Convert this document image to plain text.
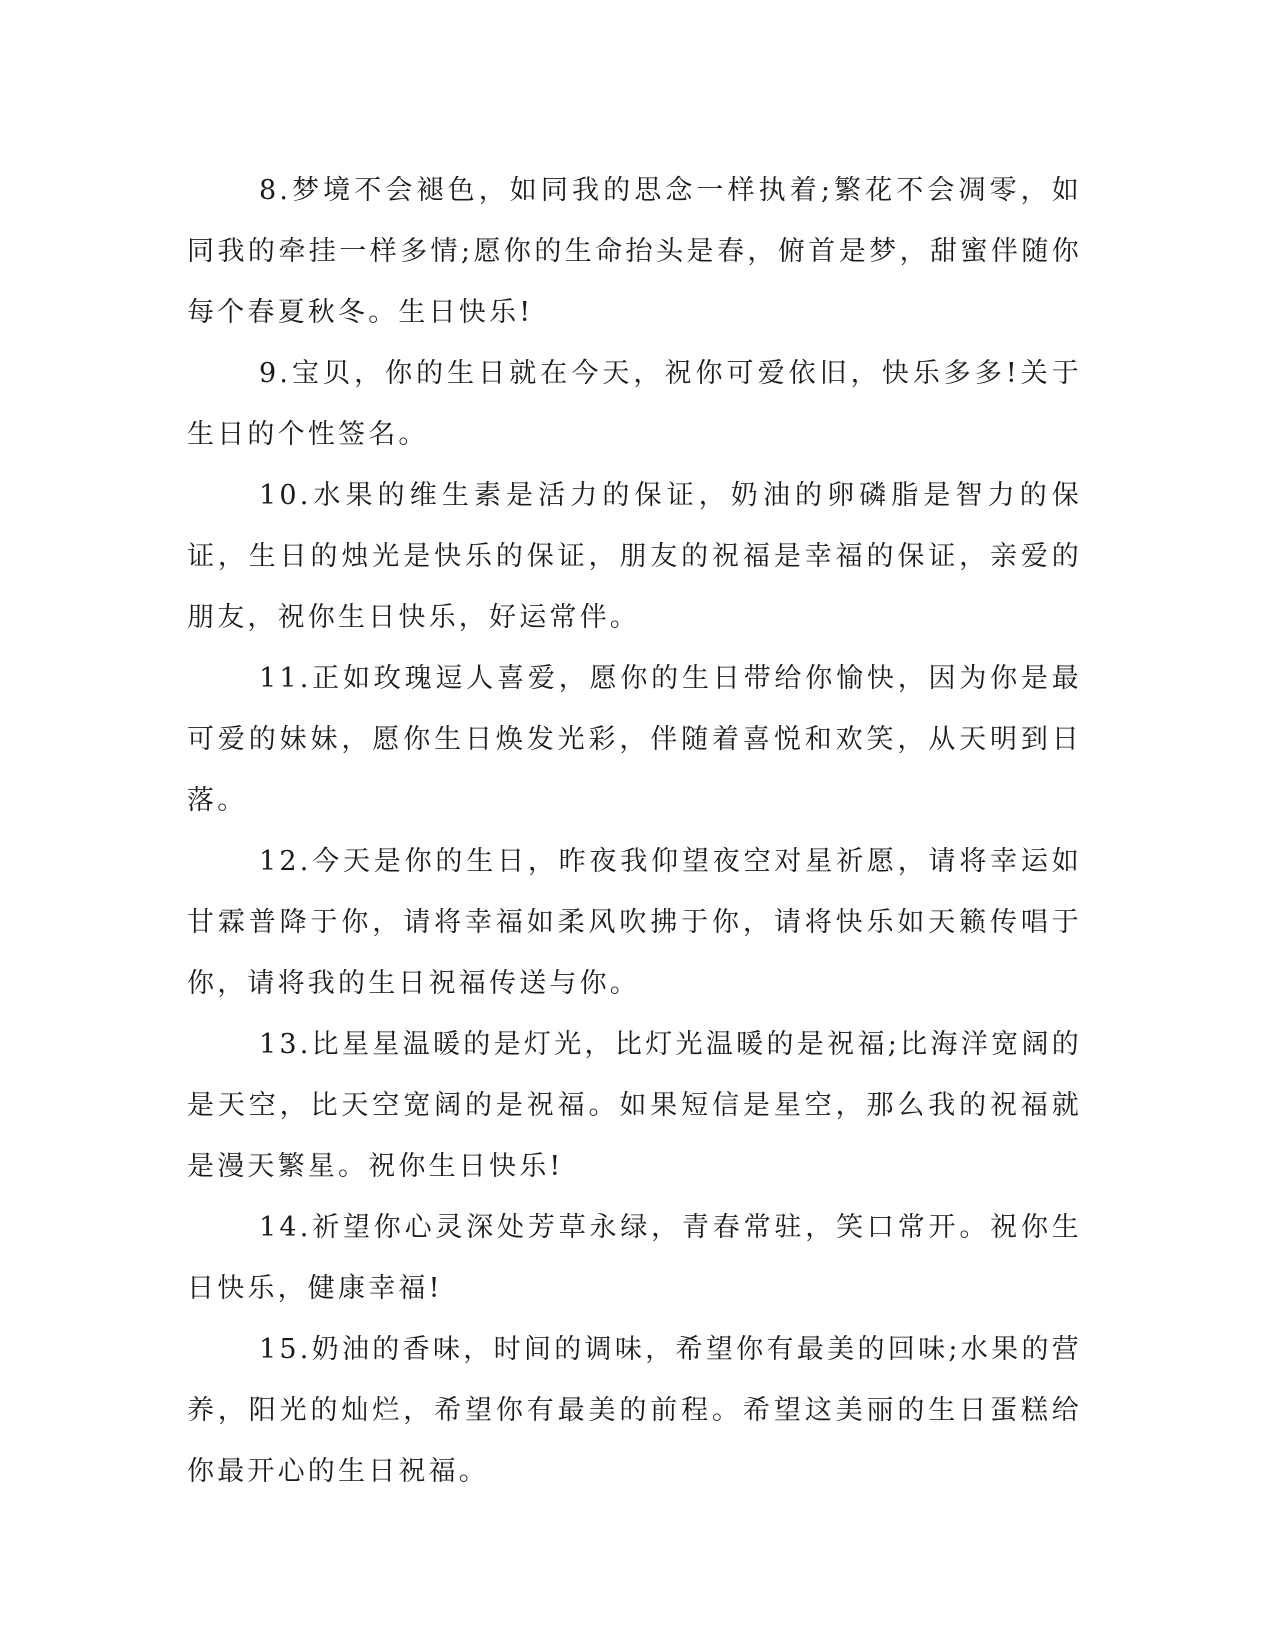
8.梦境不会褪色，如同我的思念一样执着;繁花不会凋零，如同我的牵挂一样多情;愿你的生命抬头是春，俯首是梦，甜蜜伴随你每个春夏秋冬。生日快乐!

9.宝贝，你的生日就在今天，祝你可爱依旧，快乐多多!关于生日的个性签名。

10.水果的维生素是活力的保证，奶油的卵磷脂是智力的保证，生日的烛光是快乐的保证，朋友的祝福是幸福的保证，亲爱的朋友，祝你生日快乐，好运常伴。

11.正如玫瑰逗人喜爱，愿你的生日带给你愉快，因为你是最可爱的妹妹，愿你生日焕发光彩，伴随着喜悦和欢笑，从天明到日落。

12.今天是你的生日，昨夜我仰望夜空对星祈愿，请将幸运如甘霖普降于你，请将幸福如柔风吹拂于你，请将快乐如天籁传唱于你，请将我的生日祝福传送与你。

13.比星星温暖的是灯光，比灯光温暖的是祝福;比海洋宽阔的是天空，比天空宽阔的是祝福。如果短信是星空，那么我的祝福就是漫天繁星。祝你生日快乐!

14.祈望你心灵深处芳草永绿，青春常驻，笑口常开。祝你生日快乐，健康幸福!

15.奶油的香味，时间的调味，希望你有最美的回味;水果的营养，阳光的灿烂，希望你有最美的前程。希望这美丽的生日蛋糕给你最开心的生日祝福。
